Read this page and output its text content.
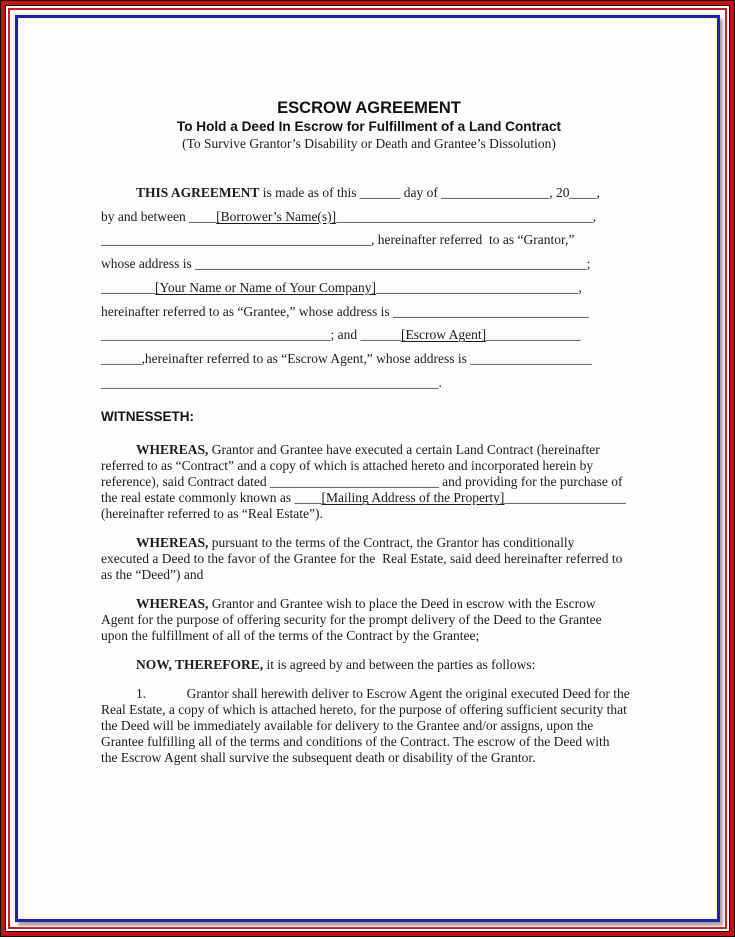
ESCROW AGREEMENT
To Hold a Deed In Escrow for Fulfillment of a Land Contract
(To Survive Grantor’s Disability or Death and Grantee’s Dissolution)
THIS AGREEMENT is made as of this ______ day of ________________, 20____,
by and between ____[Borrower’s Name(s)]______________________________________,
________________________________________, hereinafter referred  to as “Grantor,”
whose address is __________________________________________________________;
________[Your Name or Name of Your Company]______________________________,
hereinafter referred to as “Grantee,” whose address is _____________________________
__________________________________; and ______[Escrow Agent]______________
______,hereinafter referred to as “Escrow Agent,” whose address is __________________
__________________________________________________.
WITNESSETH:
WHEREAS, Grantor and Grantee have executed a certain Land Contract (hereinafter
referred to as “Contract” and a copy of which is attached hereto and incorporated herein by
reference), said Contract dated _________________________ and providing for the purchase of
the real estate commonly known as ____[Mailing Address of the Property]__________________
(hereinafter referred to as “Real Estate”).
WHEREAS, pursuant to the terms of the Contract, the Grantor has conditionally
executed a Deed to the favor of the Grantee for the  Real Estate, said deed hereinafter referred to
as the “Deed”) and
WHEREAS, Grantor and Grantee wish to place the Deed in escrow with the Escrow
Agent for the purpose of offering security for the prompt delivery of the Deed to the Grantee
upon the fulfillment of all of the terms of the Contract by the Grantee;
NOW, THEREFORE, it is agreed by and between the parties as follows:
1.            Grantor shall herewith deliver to Escrow Agent the original executed Deed for the
Real Estate, a copy of which is attached hereto, for the purpose of offering sufficient security that
the Deed will be immediately available for delivery to the Grantee and/or assigns, upon the
Grantee fulfilling all of the terms and conditions of the Contract. The escrow of the Deed with
the Escrow Agent shall survive the subsequent death or disability of the Grantor.
